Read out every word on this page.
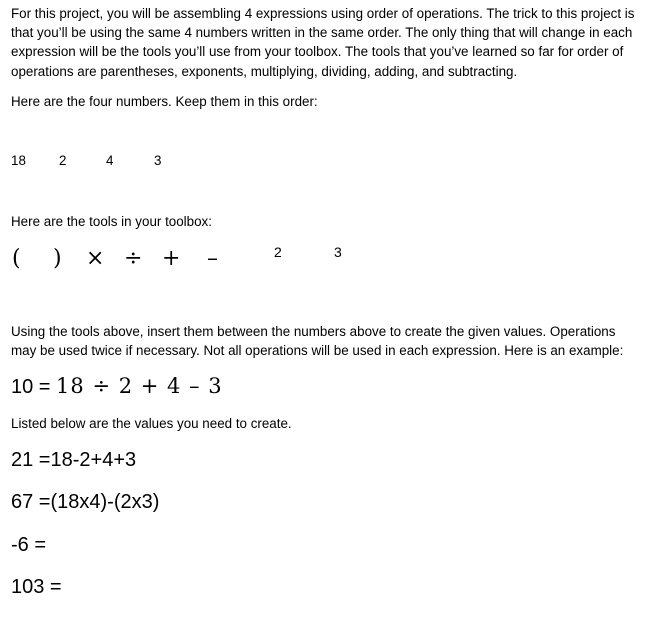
For this project, you will be assembling 4 expressions using order of operations. The trick to this project is that you’ll be using the same 4 numbers written in the same order. The only thing that will change in each expression will be the tools you’ll use from your toolbox. The tools that you’ve learned so far for order of operations are parentheses, exponents, multiplying, dividing, adding, and subtracting.
Here are the four numbers. Keep them in this order:
18 2	4	3
Here are the tools in your toolbox:
( ) × ÷ + –	2	3
Using the tools above, insert them between the numbers above to create the given values. Operations may be used twice if necessary. Not all operations will be used in each expression. Here is an example:
10 = 18 ÷ 2 + 4 – 3
Listed below are the values you need to create.
21 =18-2+4+3
67 =(18x4)-(2x3)
-6 =
103 =
